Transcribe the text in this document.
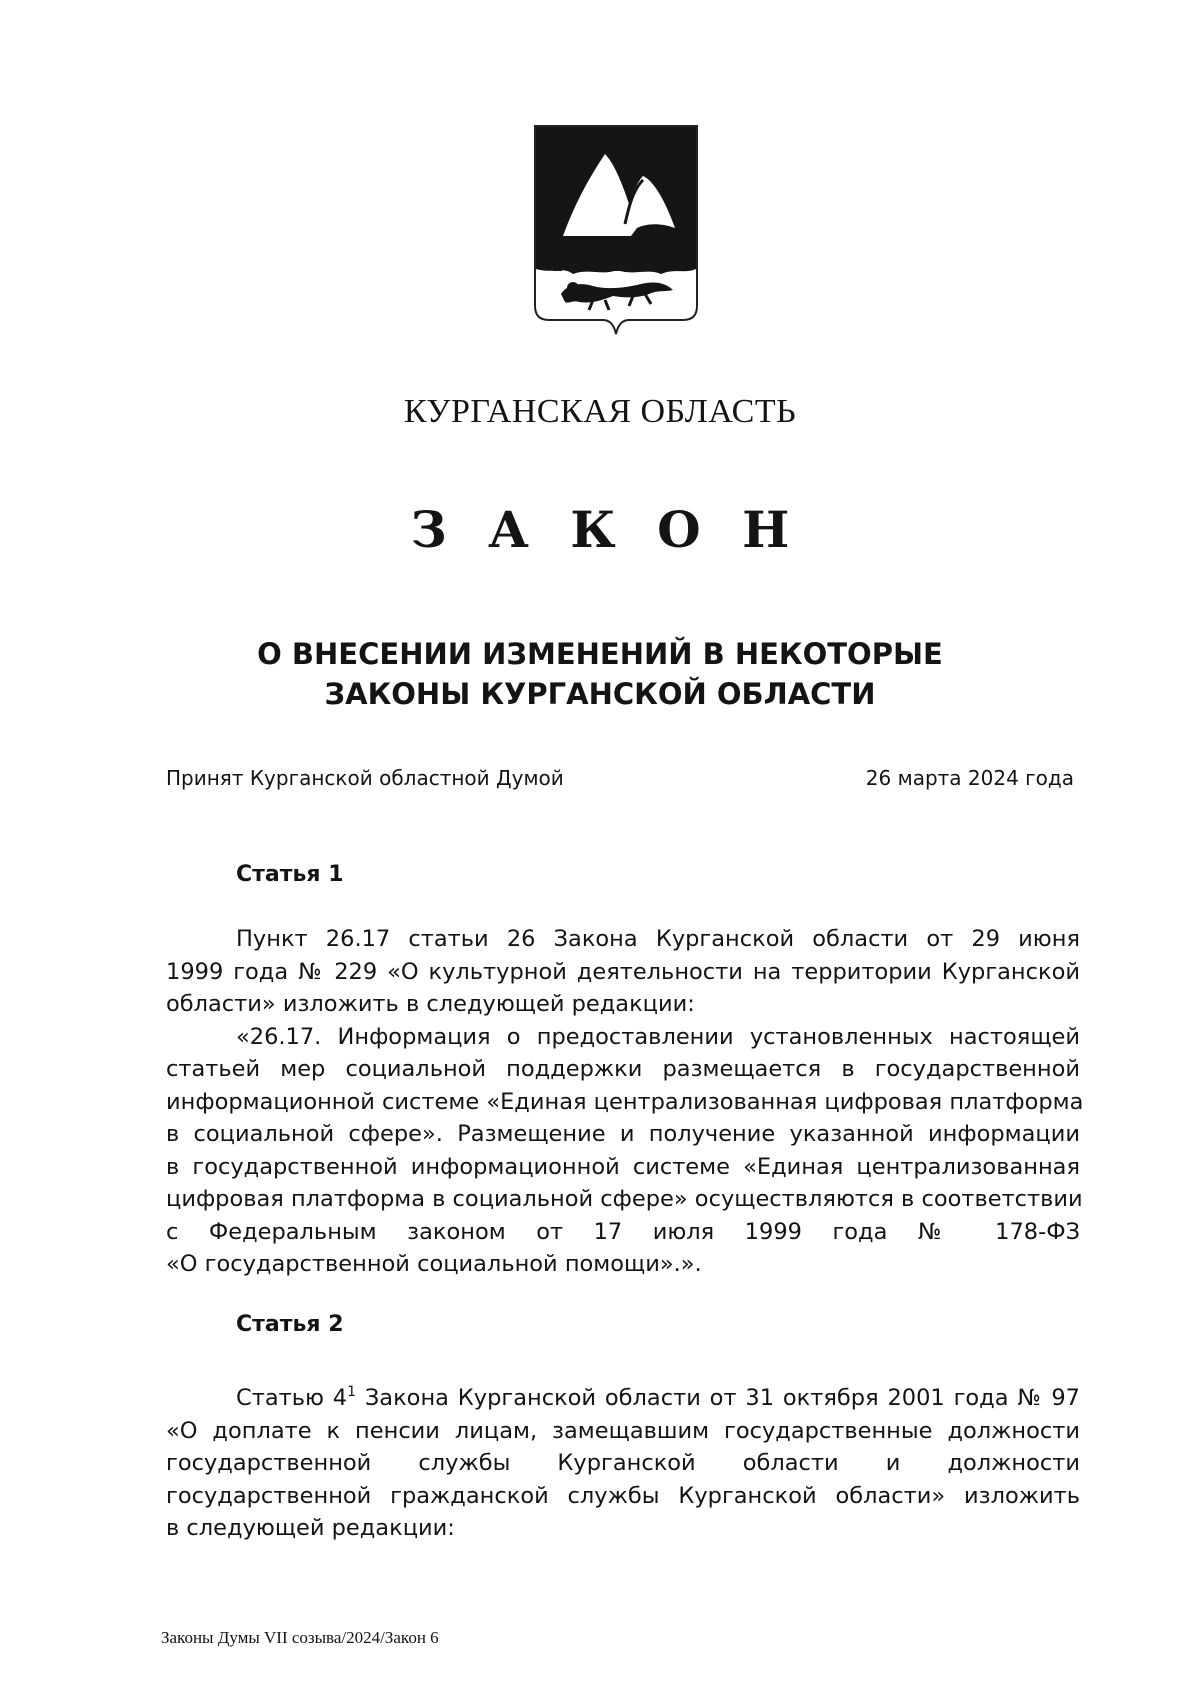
КУРГАНСКАЯ ОБЛАСТЬ
З А К О Н
О ВНЕСЕНИИ ИЗМЕНЕНИЙ В НЕКОТОРЫЕ
ЗАКОНЫ КУРГАНСКОЙ ОБЛАСТИ
Принят Курганской областной Думой	26 марта 2024 года
Статья 1
Пункт 26.17 статьи 26 Закона Курганской области от 29 июня
1999 года № 229 «О культурной деятельности на территории Курганской
области» изложить в следующей редакции:
«26.17. Информация о предоставлении установленных настоящей
статьей мер социальной поддержки размещается в государственной
информационной системе «Единая централизованная цифровая платформа
в социальной сфере». Размещение и получение указанной информации
в государственной информационной системе «Единая централизованная
цифровая платформа в социальной сфере» осуществляются в соответствии
с Федеральным законом от 17 июля 1999 года № 178-ФЗ
«О государственной социальной помощи».».
Статья 2
Статью $4^1$ Закона Курганской области от 31 октября 2001 года № 97
«О доплате к пенсии лицам, замещавшим государственные должности
государственной службы Курганской области и должности
государственной гражданской службы Курганской области» изложить
в следующей редакции:
Законы Думы VII созыва/2024/Закон 6
